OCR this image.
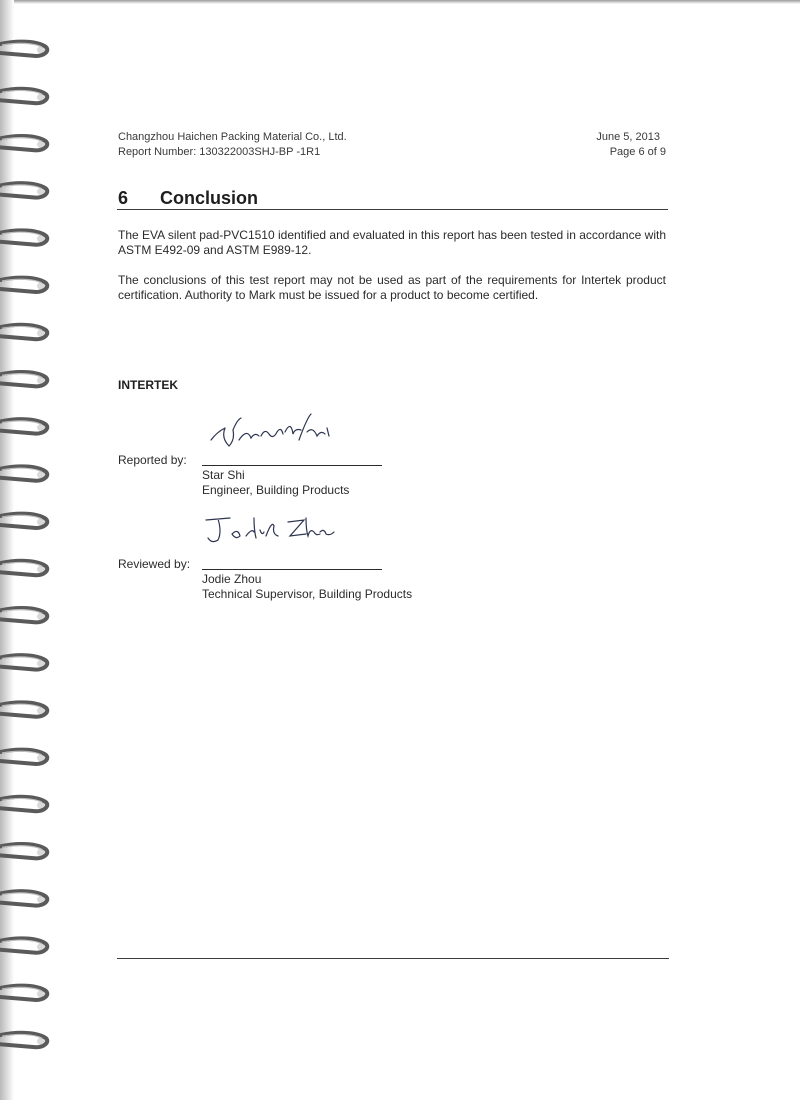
Changzhou Haichen Packing Material Co., Ltd.
Report Number: 130322003SHJ-BP -1R1
June 5, 2013
Page 6 of 9
6 Conclusion
The EVA silent pad-PVC1510 identified and evaluated in this report has been tested in accordance with ASTM E492-09 and ASTM E989-12.
The conclusions of this test report may not be used as part of the requirements for Intertek product certification. Authority to Mark must be issued for a product to become certified.
INTERTEK
Reported by:
Star Shi
Engineer, Building Products
Reviewed by:
Jodie Zhou
Technical Supervisor, Building Products
